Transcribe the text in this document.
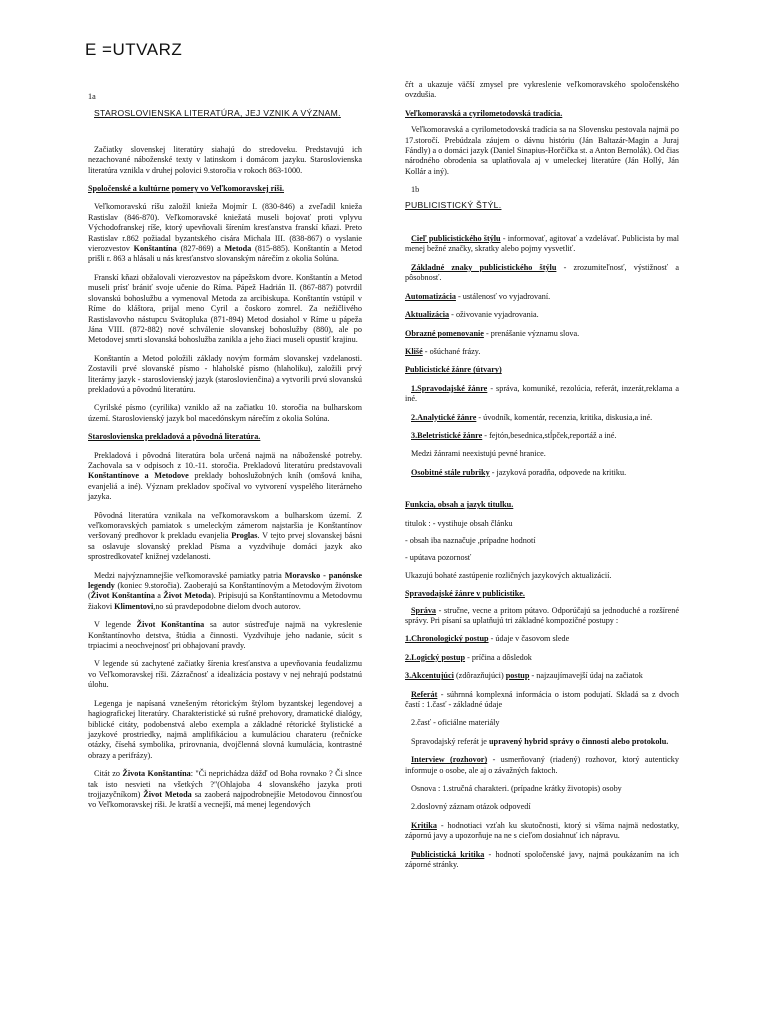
E =UTVARZ

1a

STAROSLOVIENSKA LITERATÚRA, JEJ VZNIK A VÝZNAM.

Začiatky slovenskej literatúry siahajú do stredoveku. Predstavujú ich nezachované náboženské texty v latinskom i domácom jazyku. Staroslovienska literatúra vznikla v druhej polovici 9.storočia v rokoch 863-1000.

Spoločenské a kultúrne pomery vo Veľkomoravskej ríši.

Veľkomoravskú ríšu založil knieža Mojmír I. (830-846) a zveľadil knieža Rastislav (846-870). Veľkomoravské kniežatá museli bojovať proti vplyvu Východofranskej ríše, ktorý upevňovali šírením kresťanstva franskí kňazi. Preto Rastislav r.862 požiadal byzantského cisára Michala III. (838-867) o vyslanie vierozvestov Konštantína (827-869) a Metoda (815-885). Konštantín a Metod prišli r. 863 a hlásali u nás kresťanstvo slovanským nárečím z okolia Solúna.

Franskí kňazi obžalovali vierozvestov na pápežskom dvore. Konštantín a Metod museli prísť brániť svoje učenie do Ríma. Pápež Hadrián II. (867-887) potvrdil slovanskú bohoslužbu a vymenoval Metoda za arcibiskupa. Konštantín vstúpil v Ríme do kláštora, prijal meno Cyril a čoskoro zomrel. Za nežičlivého Rastislavovho nástupcu Svätopluka (871-894) Metod dosiahol v Ríme u pápeža Jána VIII. (872-882) nové schválenie slovanskej bohoslužby (880), ale po Metodovej smrti slovanská bohoslužba zanikla a jeho žiaci museli opustiť krajinu.

Konštantín a Metod položili základy novým formám slovanskej vzdelanosti. Zostavili prvé slovanské písmo - hlaholské písmo (hlaholiku), založili prvý literárny jazyk - staroslovienský jazyk (staroslovienčina) a vytvorili prvú slovanskú prekladovú a pôvodnú literatúru.

Cyrilské písmo (cyrilika) vzniklo až na začiatku 10. storočia na bulharskom území. Staroslovienský jazyk bol macedónskym nárečím z okolia Solúna.

Staroslovienska prekladová a pôvodná literatúra.

Prekladová i pôvodná literatúra bola určená najmä na náboženské potreby. Zachovala sa v odpisoch z 10.-11. storočia. Prekladovú literatúru predstavovali Konštantínove a Metodove preklady bohoslužobných kníh (omšová kniha, evanjeliá a iné). Význam prekladov spočíval vo vytvorení vyspelého literárneho jazyka.

Pôvodná literatúra vznikala na veľkomoravskom a bulharskom území. Z veľkomoravských pamiatok s umeleckým zámerom najstaršia je Konštantínov veršovaný predhovor k prekladu evanjelia Proglas. V tejto prvej slovanskej básni sa oslavuje slovanský preklad Písma a vyzdvihuje domáci jazyk ako sprostredkovateľ knižnej vzdelanosti.

Medzi najvýznamnejšie veľkomoravské pamiatky patria Moravsko - panónske legendy (koniec 9.storočia). Zaoberajú sa Konštantínovým a Metodovým životom (Život Konštantína a Život Metoda). Pripisujú sa Konštantínovmu a Metodovmu žiakovi Klimentovi,no sú pravdepodobne dielom dvoch autorov.

V legende Život Konštantína sa autor sústreďuje najmä na vykreslenie Konštantínovho detstva, štúdia a činnosti. Vyzdvihuje jeho nadanie, súcit s trpiacimi a neochvejnosť pri obhajovaní pravdy.

V legende sú zachytené začiatky šírenia kresťanstva a upevňovania feudalizmu vo Veľkomoravskej ríši. Zázračnosť a idealizácia postavy v nej nehrajú podstatnú úlohu.

Legenga je napísaná vznešeným rétorickým štýlom byzantskej legendovej a hagiografickej literatúry. Charakteristické sú rušné prehovory, dramatické dialógy, biblické citáty, podobenstvá alebo exempla a základné rétorické štylistické a jazykové prostriedky, najmä amplifikáciou a kumuláciou charateru (rečnícke otázky, čísehá symbolika, prirovnania, dvojčlenná slovná kumulácia, kontrastné obrazy a perifrázy).

Citát zo Života Konštantína: "Či neprichádza dážď od Boha rovnako ? Či slnce tak isto nesvieti na všetkých ?"(Ohlajoba 4 slovanského jazyka proti trojjazyčníkom) Život Metoda sa zaoberá najpodrobnejšie Metodovou činnosťou vo Veľkomoravskej ríši. Je kratší a vecnejší, má menej legendových

čŕt a ukazuje väčší zmysel pre vykreslenie veľkomoravského spoločenského ovzdušia.

Veľkomoravská a cyrilometodovská tradícia.

Veľkomoravská a cyrilometodovská tradícia sa na Slovensku pestovala najmä po 17.storočí. Prebúdzala záujem o dávnu históriu (Ján Baltazár-Magin a Juraj Fándly) a o domáci jazyk (Daniel Sinapius-Horčička st. a Anton Bernolák). Od čias národného obrodenia sa uplatňovala aj v umeleckej literatúre (Ján Hollý, Ján Kollár a iný).

1b

PUBLICISTICKÝ ŠTÝL.

Cieľ publicistického štýlu - informovať, agitovať a vzdelávať. Publicista by mal menej bežné značky, skratky alebo pojmy vysvetliť.

Základné znaky publicistického štýlu - zrozumiteľnosť, výstižnosť a pôsobnosť.

Automatizácia - ustálenosť vo vyjadrovaní.

Aktualizácia - oživovanie vyjadrovania.

Obrazné pomenovanie - prenášanie významu slova.

Klišé - ošúchané frázy.

Publicistické žánre (útvary)

1.Spravodajské žánre - správa, komuniké, rezolúcia, referát, inzerát,reklama a iné.

2.Analytické žánre - úvodník, komentár, recenzia, kritika, diskusia,a iné.

3.Beletristické žánre - fejtón,besednica,stĺpček,reportáž a iné.

Medzi žánrami neexistujú pevné hranice.

Osobitné stále rubriky - jazyková poradňa, odpovede na kritiku.

Funkcia, obsah a jazyk titulku.

titulok : - vystihuje obsah článku

- obsah iba naznačuje ,prípadne hodnotí

- upútava pozornosť

Ukazujú bohaté zastúpenie rozličných jazykových aktualizácií.

Spravodajské žánre v publicistike.

Správa - stručne, vecne a pritom pútavo. Odporúčajú sa jednoduché a rozšírené správy. Pri písaní sa uplatňujú tri základné kompozičné postupy :

1.Chronologický postup - údaje v časovom slede

2.Logický postup - príčina a dôsledok

3.Akcentujúci (zdôrazňujúci) postup - najzaujímavejší údaj na začiatok

Referát - súhrnná komplexná informácia o istom podujatí. Skladá sa z dvoch častí : 1.časť - základné údaje

2.časť - oficiálne materiály

Spravodajský referát je upravený hybrid správy o činnosti alebo protokolu.

Interview (rozhovor) - usmerňovaný (riadený) rozhovor, ktorý autenticky informuje o osobe, ale aj o závažných faktoch.

Osnova : 1.stručná charakteri. (prípadne krátky životopis) osoby

2.doslovný záznam otázok odpovedí

Kritika - hodnotiaci vzťah ku skutočnosti, ktorý si všíma najmä nedostatky, zápornú javy a upozorňuje na ne s cieľom dosiahnuť ich nápravu.

Publicistická kritika - hodnotí spoločenské javy, najmä poukázaním na ich záporné stránky.
